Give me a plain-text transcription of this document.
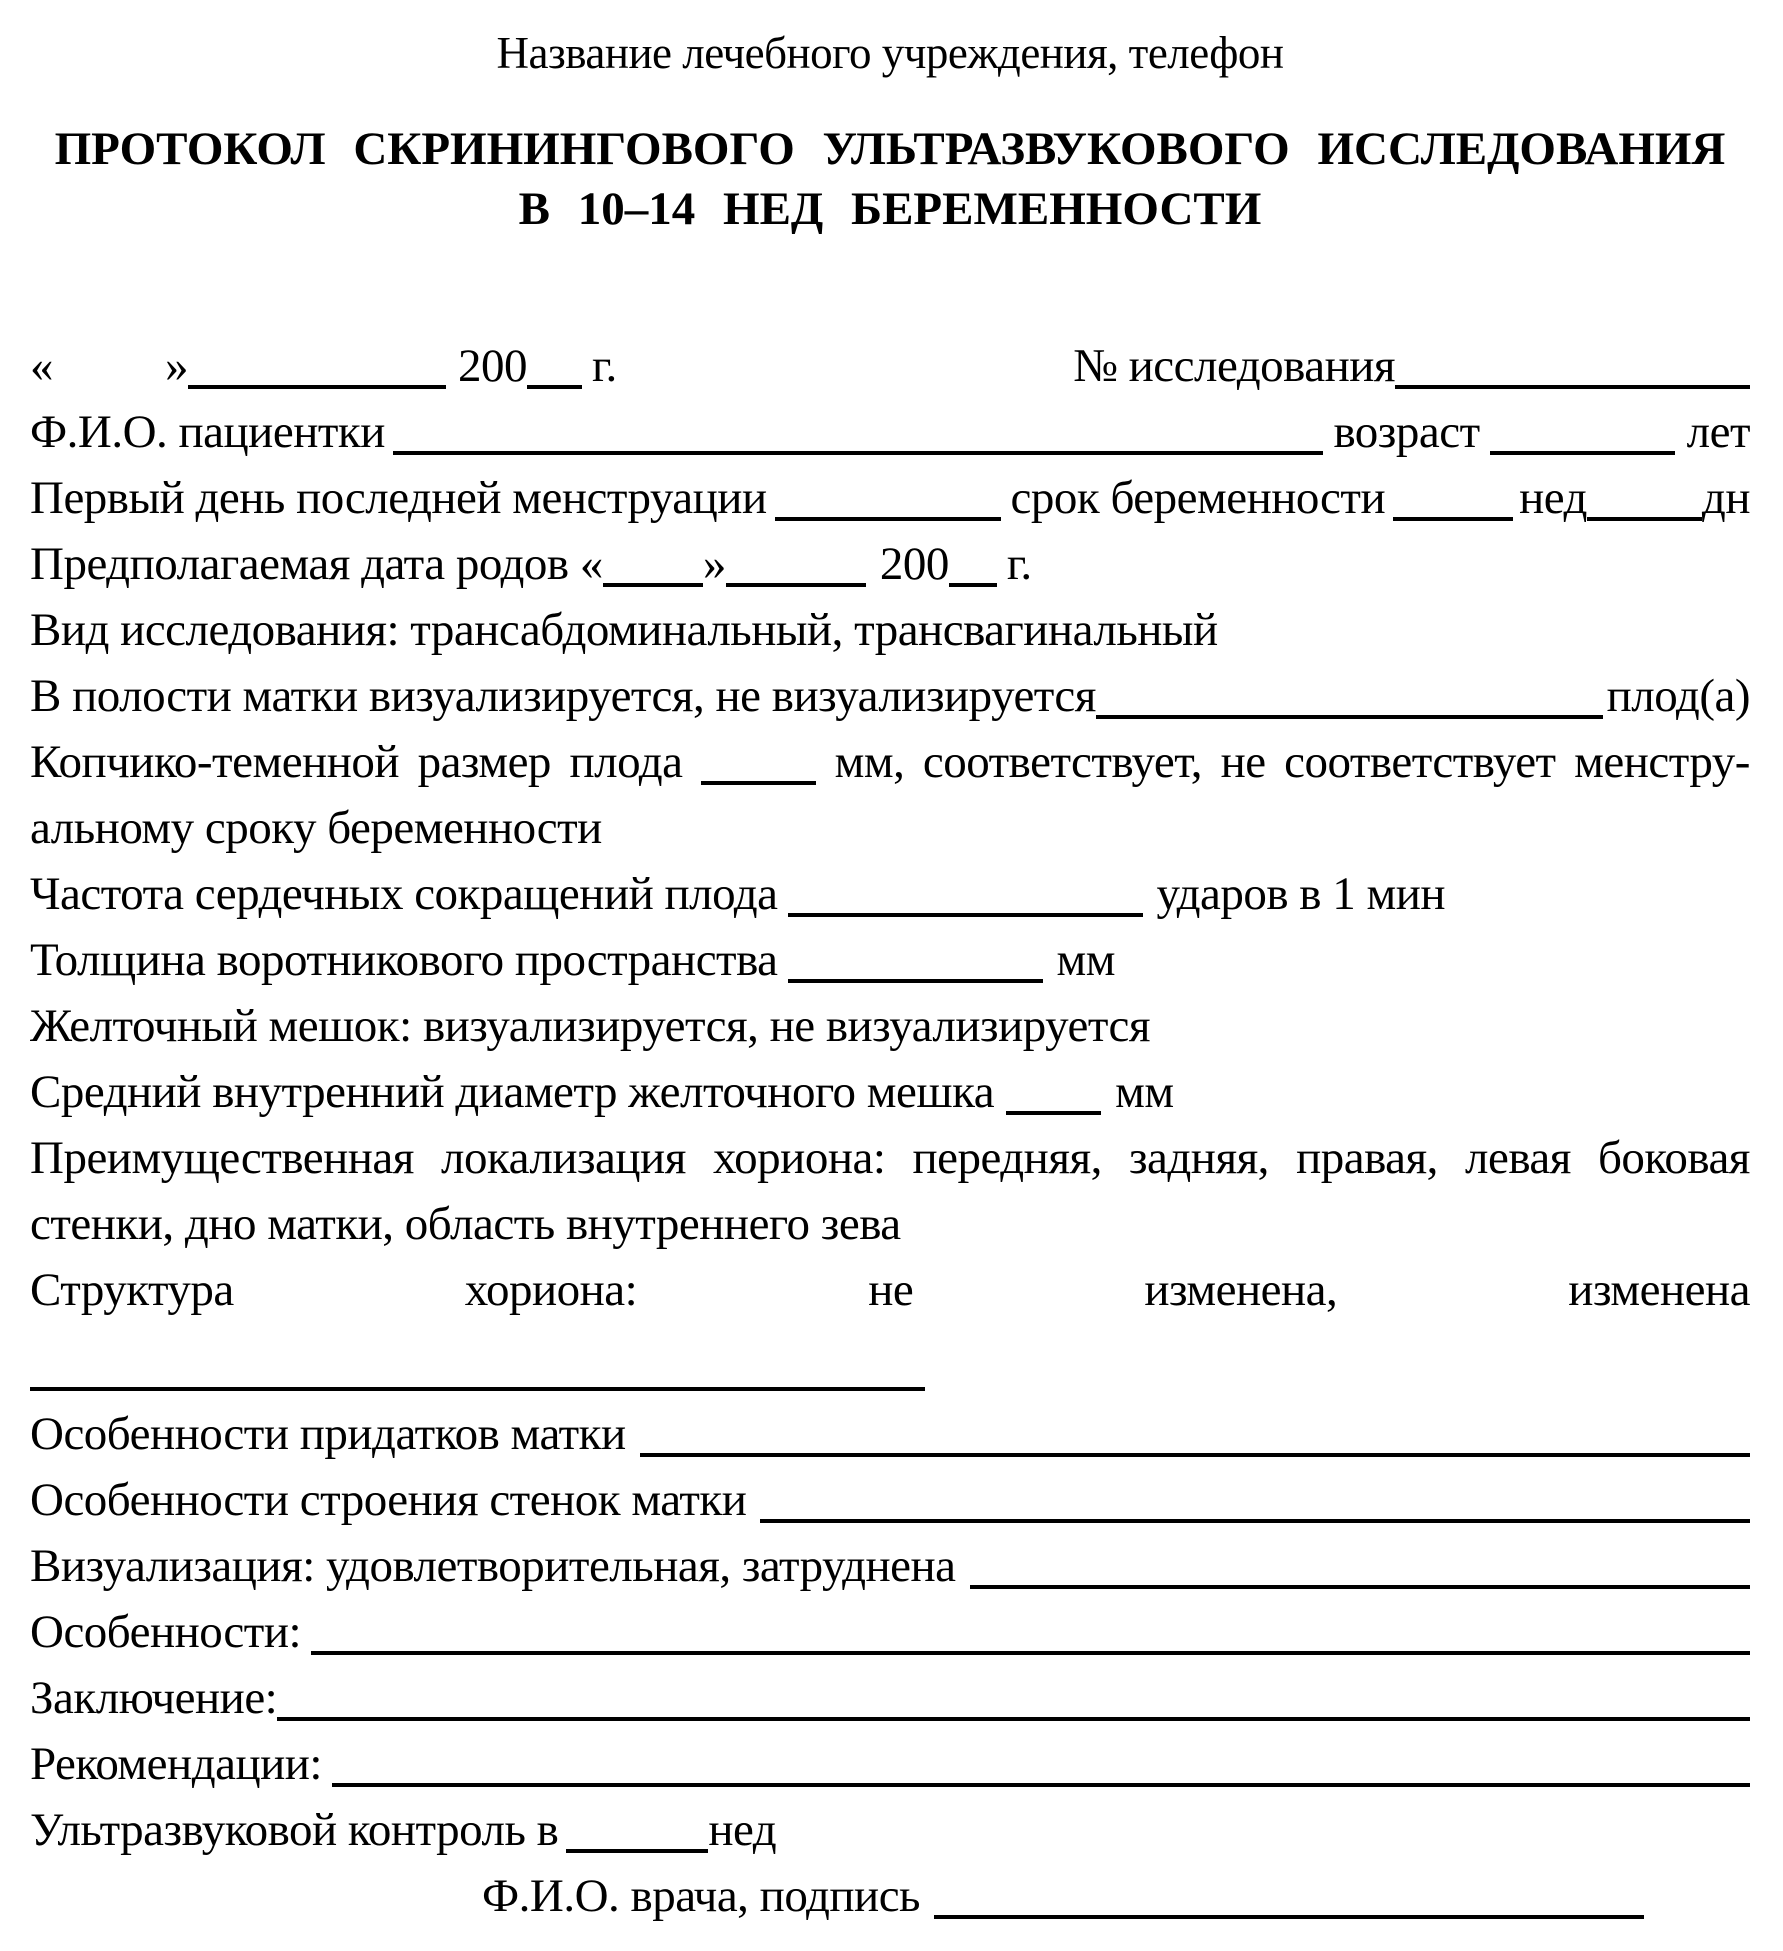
Название лечебного учреждения, телефон
ПРОТОКОЛ СКРИНИНГОВОГО УЛЬТРАЗВУКОВОГО ИССЛЕДОВАНИЯ
В 10–14 НЕД БЕРЕМЕННОСТИ
« »	200 г.	№ исследования
Ф.И.О. пациентки	возраст	лет
Первый день последней менструации	срок беременности	нед дн
Предполагаемая дата родов « »	200 г.
Вид исследования: трансабдоминальный, трансвагинальный
В полости матки визуализируется, не визуализируется	плод(а)
Копчико-теменной размер плода	мм, соответствует, не соответствует менстру-
альному сроку беременности
Частота сердечных сокращений плода	ударов в 1 мин
Толщина воротникового пространства	мм
Желточный мешок: визуализируется, не визуализируется
Средний внутренний диаметр желточного мешка	мм
Преимущественная локализация хориона: передняя, задняя, правая, левая боковая
стенки, дно матки, область внутреннего зева
Структура	хориона:	не	изменена,	изменена
Особенности придатков матки
Особенности строения стенок матки
Визуализация: удовлетворительная, затруднена
Особенности:
Заключение:
Рекомендации:
Ультразвуковой контроль в	нед
Ф.И.О. врача, подпись
